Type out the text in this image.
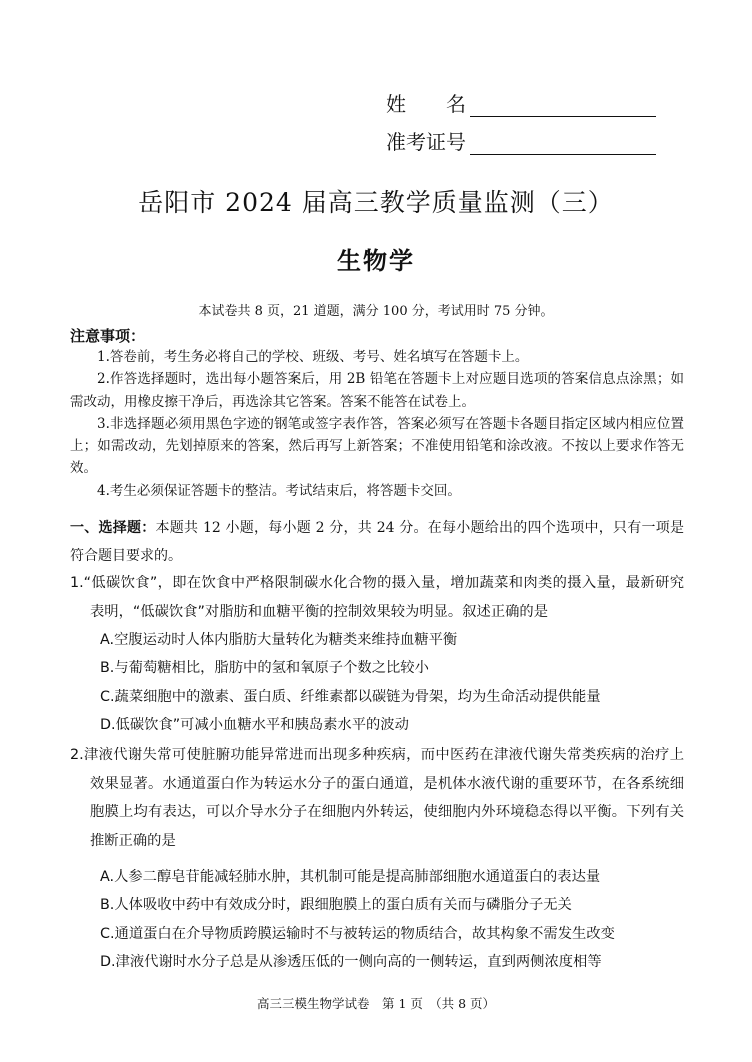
姓　　名
准考证号
岳阳市 2024 届高三教学质量监测（三）
生物学
本试卷共 8 页，21 道题，满分 100 分，考试用时 75 分钟。
注意事项：

1.答卷前，考生务必将自己的学校、班级、考号、姓名填写在答题卡上。

2.作答选择题时，选出每小题答案后，用 2B 铅笔在答题卡上对应题目选项的答案信息点涂黑；如需改动，用橡皮擦干净后，再选涂其它答案。答案不能答在试卷上。

3.非选择题必须用黑色字迹的钢笔或签字表作答，答案必须写在答题卡各题目指定区域内相应位置上；如需改动，先划掉原来的答案，然后再写上新答案；不准使用铅笔和涂改液。不按以上要求作答无效。

4.考生必须保证答题卡的整洁。考试结束后，将答题卡交回。

一、选择题：本题共 12 小题，每小题 2 分，共 24 分。在每小题给出的四个选项中，只有一项是符合题目要求的。
1.“低碳饮食”，即在饮食中严格限制碳水化合物的摄入量，增加蔬菜和肉类的摄入量，最新研究表明，“低碳饮食”对脂肪和血糖平衡的控制效果较为明显。叙述正确的是
A.空腹运动时人体内脂肪大量转化为糖类来维持血糖平衡
B.与葡萄糖相比，脂肪中的氢和氧原子个数之比较小
C.蔬菜细胞中的激素、蛋白质、纤维素都以碳链为骨架，均为生命活动提供能量
D.低碳饮食”可减小血糖水平和胰岛素水平的波动
2.津液代谢失常可使脏腑功能异常进而出现多种疾病，而中医药在津液代谢失常类疾病的治疗上效果显著。水通道蛋白作为转运水分子的蛋白通道，是机体水液代谢的重要环节，在各系统细胞膜上均有表达，可以介导水分子在细胞内外转运，使细胞内外环境稳态得以平衡。下列有关推断正确的是
A.人参二醇皂苷能减轻肺水肿，其机制可能是提高肺部细胞水通道蛋白的表达量
B.人体吸收中药中有效成分时，跟细胞膜上的蛋白质有关而与磷脂分子无关
C.通道蛋白在介导物质跨膜运输时不与被转运的物质结合，故其构象不需发生改变
D.津液代谢时水分子总是从渗透压低的一侧向高的一侧转运，直到两侧浓度相等
高三三模生物学试卷　第 1 页　（共 8 页）
